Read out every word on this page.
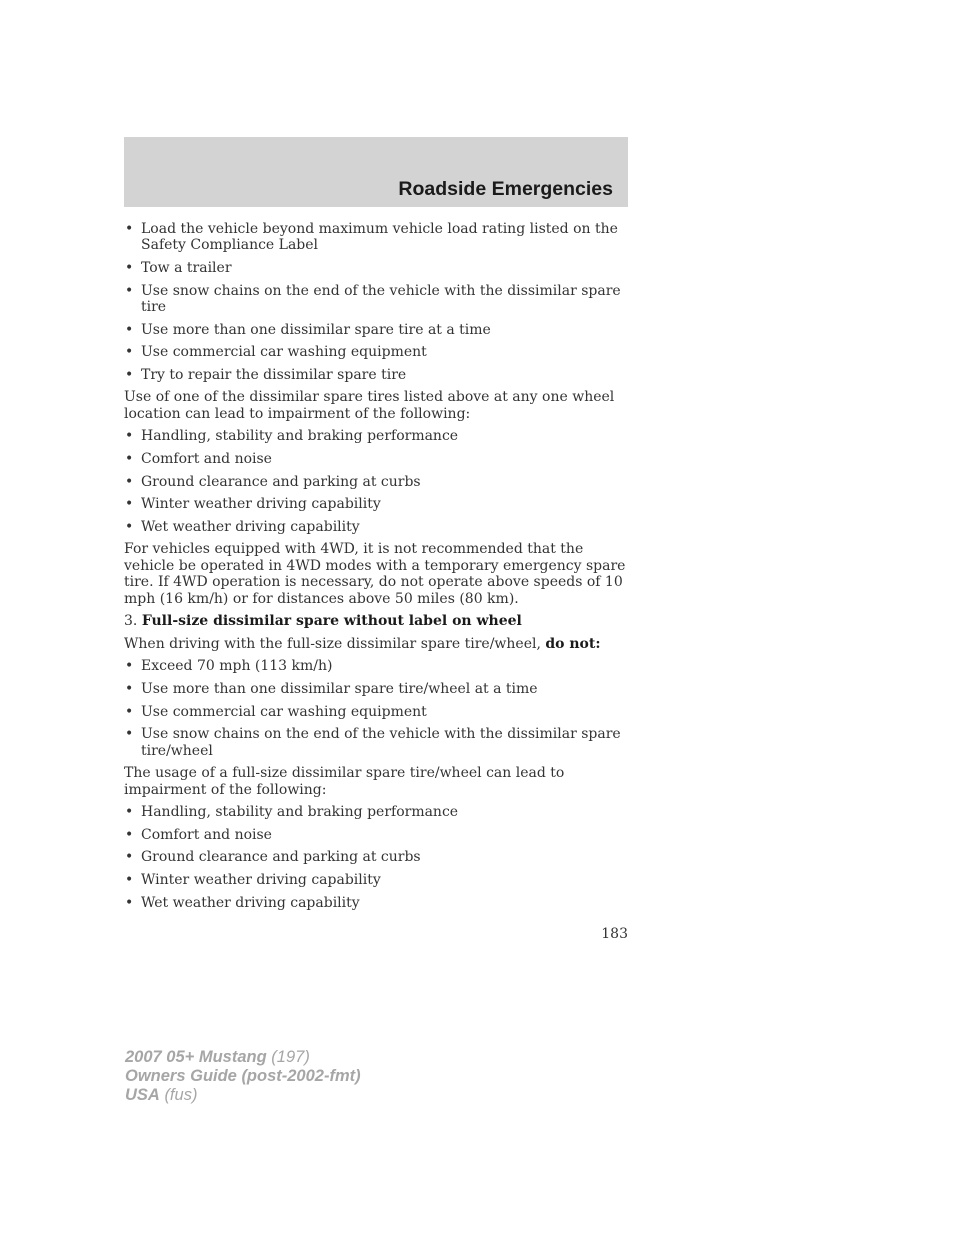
Roadside Emergencies
• Load the vehicle beyond maximum vehicle load rating listed on the Safety Compliance Label
• Tow a trailer
• Use snow chains on the end of the vehicle with the dissimilar spare tire
• Use more than one dissimilar spare tire at a time
• Use commercial car washing equipment
• Try to repair the dissimilar spare tire

Use of one of the dissimilar spare tires listed above at any one wheel location can lead to impairment of the following:

• Handling, stability and braking performance
• Comfort and noise
• Ground clearance and parking at curbs
• Winter weather driving capability
• Wet weather driving capability

For vehicles equipped with 4WD, it is not recommended that the vehicle be operated in 4WD modes with a temporary emergency spare tire. If 4WD operation is necessary, do not operate above speeds of 10 mph (16 km/h) or for distances above 50 miles (80 km).

3. Full-size dissimilar spare without label on wheel

When driving with the full-size dissimilar spare tire/wheel, do not:

• Exceed 70 mph (113 km/h)
• Use more than one dissimilar spare tire/wheel at a time
• Use commercial car washing equipment
• Use snow chains on the end of the vehicle with the dissimilar spare tire/wheel

The usage of a full-size dissimilar spare tire/wheel can lead to impairment of the following:

• Handling, stability and braking performance
• Comfort and noise
• Ground clearance and parking at curbs
• Winter weather driving capability
• Wet weather driving capability
183
2007 05+ Mustang (197)
Owners Guide (post-2002-fmt)
USA (fus)
